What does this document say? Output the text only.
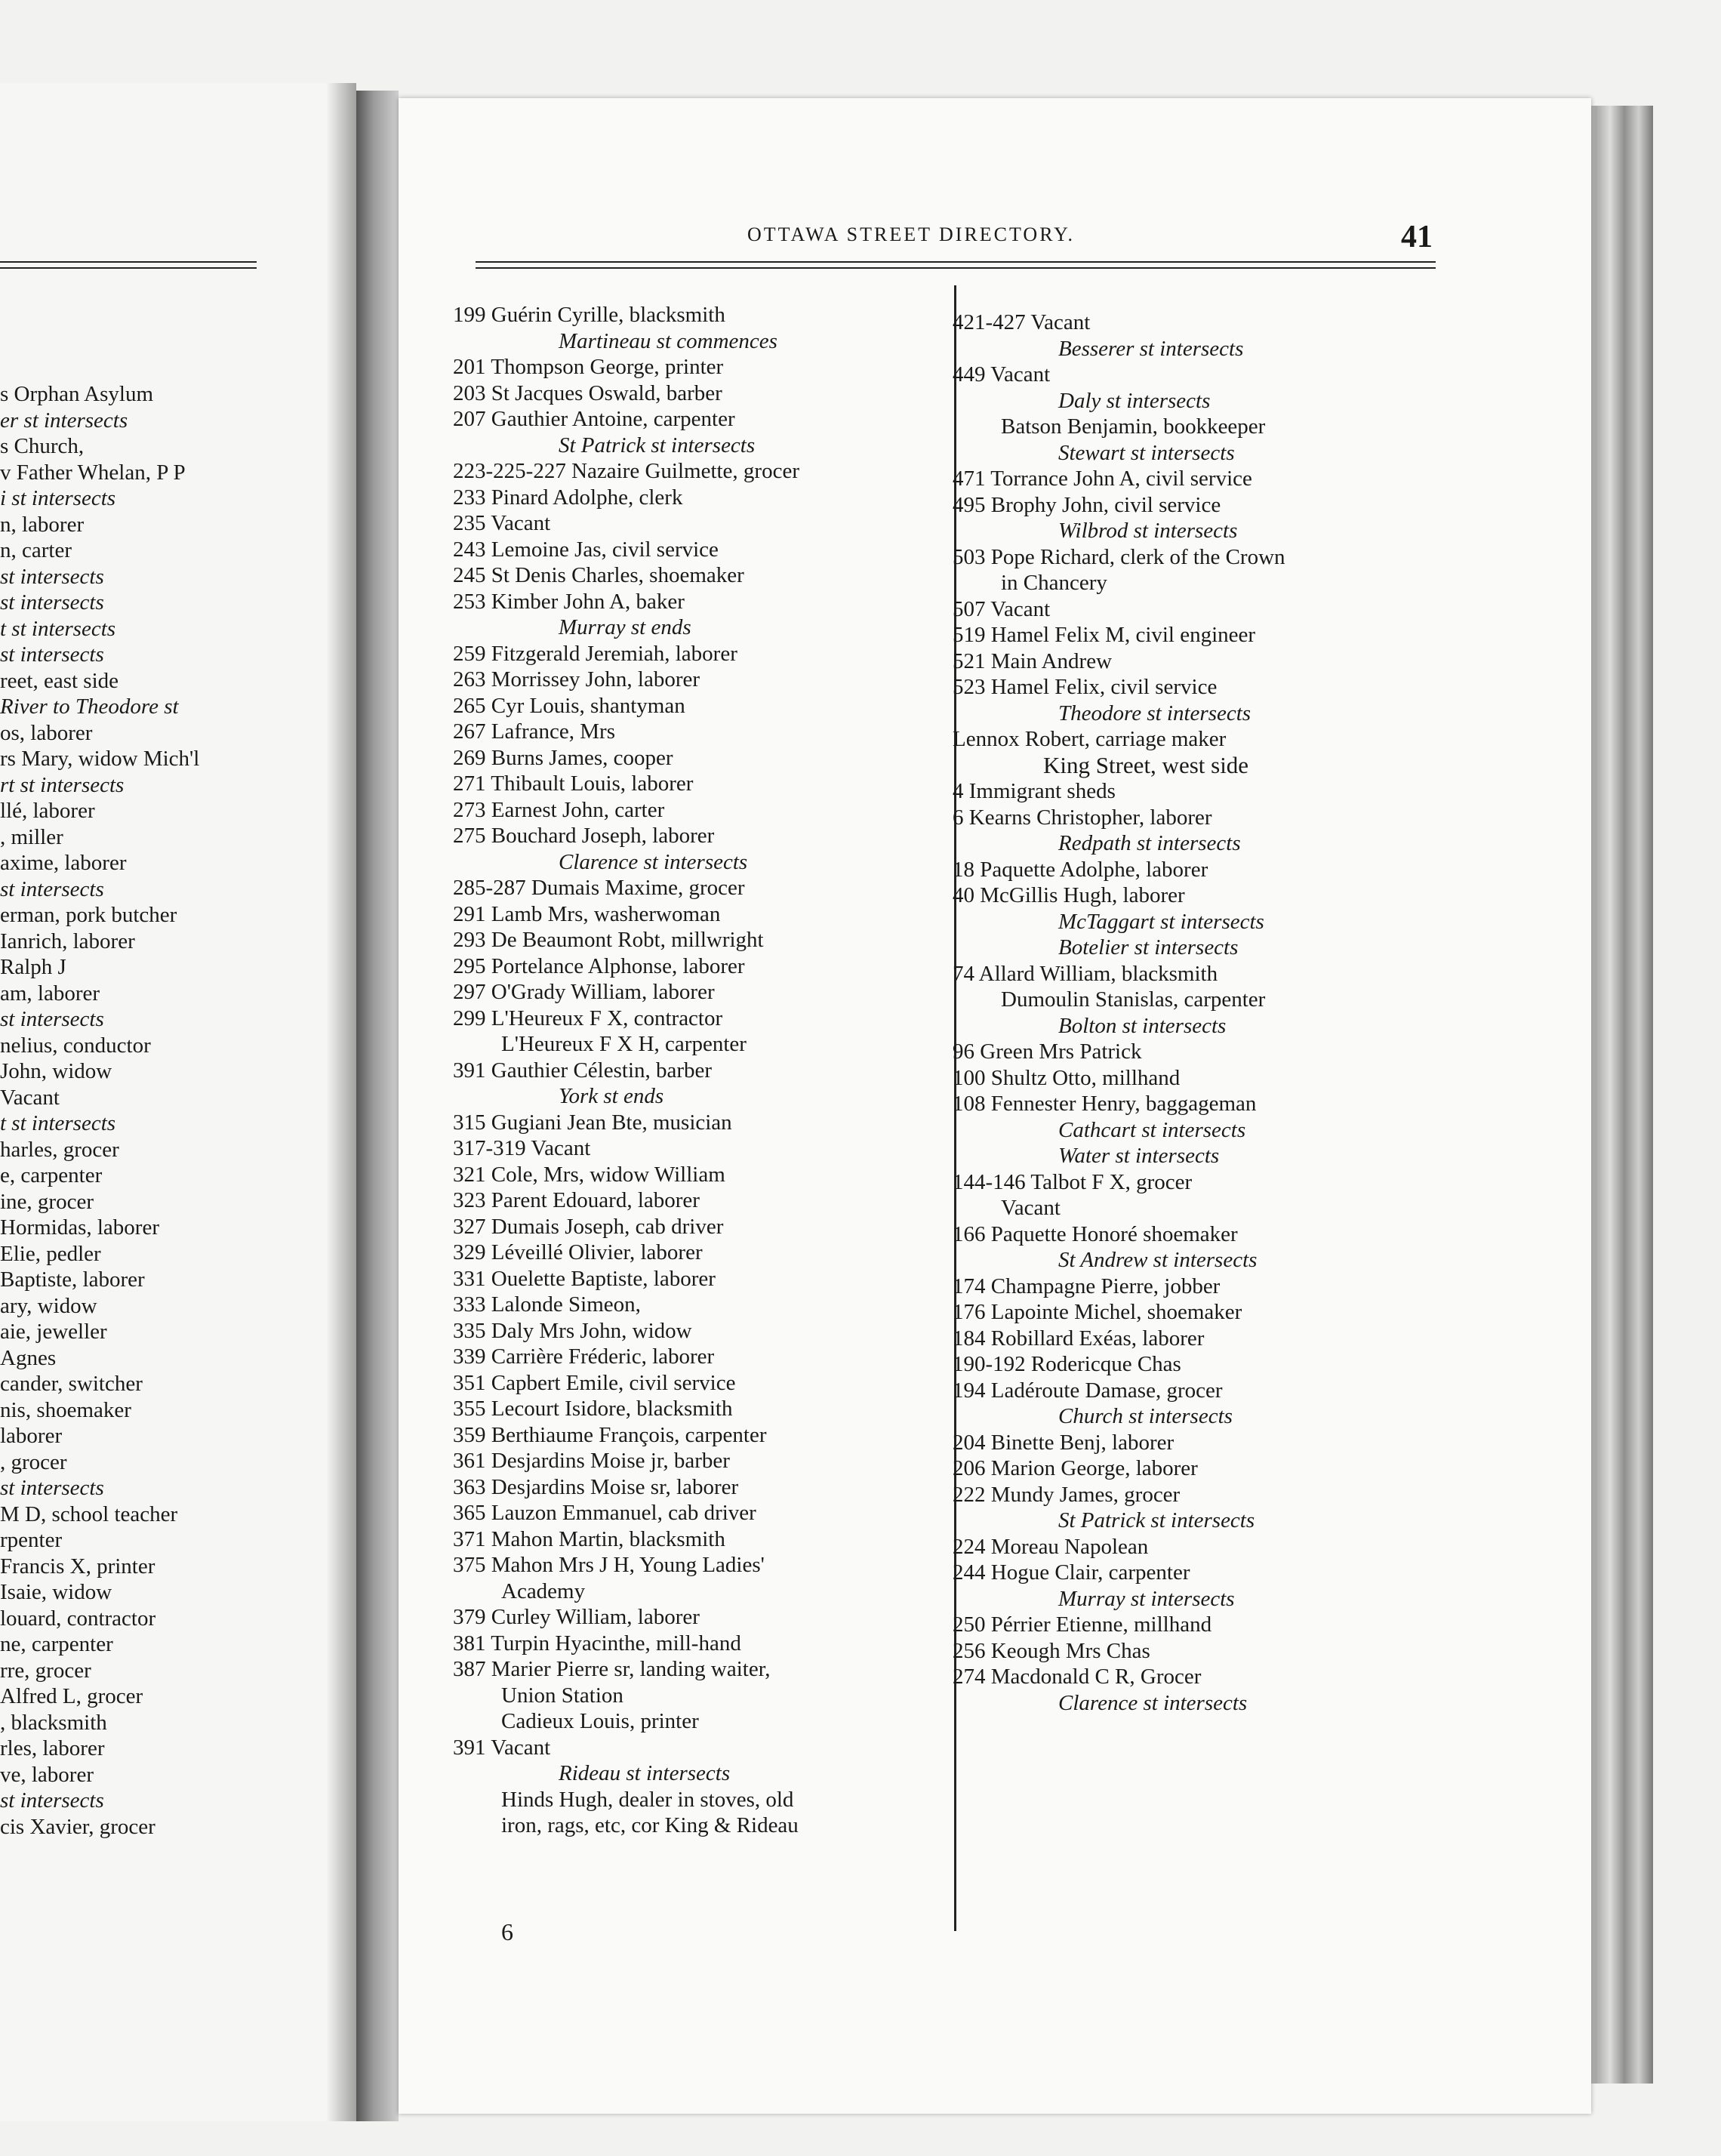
s Orphan Asylum
er st intersects
s Church,
v Father Whelan, P P
i st intersects
n, laborer
n, carter
st intersects
st intersects
t st intersects
st intersects
reet, east side
River to Theodore st
os, laborer
rs Mary, widow Mich'l
rt st intersects
llé, laborer
, miller
axime, laborer
st intersects
erman, pork butcher
Ianrich, laborer
Ralph J
am, laborer
st intersects
nelius, conductor
John, widow
Vacant
t st intersects
harles, grocer
e, carpenter
ine, grocer
Hormidas, laborer
Elie, pedler
Baptiste, laborer
ary, widow
aie, jeweller
Agnes
cander, switcher
nis, shoemaker
laborer
, grocer
st intersects
M D, school teacher
rpenter
Francis X, printer
Isaie, widow
louard, contractor
ne, carpenter
rre, grocer
Alfred L, grocer
, blacksmith
rles, laborer
ve, laborer
st intersects
cis Xavier, grocer
OTTAWA STREET DIRECTORY.	41
199 Guérin Cyrille, blacksmith
Martineau st commences
201 Thompson George, printer
203 St Jacques Oswald, barber
207 Gauthier Antoine, carpenter
St Patrick st intersects
223-225-227 Nazaire Guilmette, grocer
233 Pinard Adolphe, clerk
235 Vacant
243 Lemoine Jas, civil service
245 St Denis Charles, shoemaker
253 Kimber John A, baker
Murray st ends
259 Fitzgerald Jeremiah, laborer
263 Morrissey John, laborer
265 Cyr Louis, shantyman
267 Lafrance, Mrs
269 Burns James, cooper
271 Thibault Louis, laborer
273 Earnest John, carter
275 Bouchard Joseph, laborer
Clarence st intersects
285-287 Dumais Maxime, grocer
291 Lamb Mrs, washerwoman
293 De Beaumont Robt, millwright
295 Portelance Alphonse, laborer
297 O'Grady William, laborer
299 L'Heureux F X, contractor
L'Heureux F X H, carpenter
391 Gauthier Célestin, barber
York st ends
315 Gugiani Jean Bte, musician
317-319 Vacant
321 Cole, Mrs, widow William
323 Parent Edouard, laborer
327 Dumais Joseph, cab driver
329 Léveillé Olivier, laborer
331 Ouelette Baptiste, laborer
333 Lalonde Simeon,
335 Daly Mrs John, widow
339 Carrière Fréderic, laborer
351 Capbert Emile, civil service
355 Lecourt Isidore, blacksmith
359 Berthiaume François, carpenter
361 Desjardins Moise jr, barber
363 Desjardins Moise sr, laborer
365 Lauzon Emmanuel, cab driver
371 Mahon Martin, blacksmith
375 Mahon Mrs J H, Young Ladies'
Academy
379 Curley William, laborer
381 Turpin Hyacinthe, mill-hand
387 Marier Pierre sr, landing waiter,
Union Station
Cadieux Louis, printer
391 Vacant
Rideau st intersects
Hinds Hugh, dealer in stoves, old
iron, rags, etc, cor King & Rideau
421-427 Vacant
Besserer st intersects
449 Vacant
Daly st intersects
Batson Benjamin, bookkeeper
Stewart st intersects
471 Torrance John A, civil service
495 Brophy John, civil service
Wilbrod st intersects
503 Pope Richard, clerk of the Crown
in Chancery
507 Vacant
519 Hamel Felix M, civil engineer
521 Main Andrew
523 Hamel Felix, civil service
Theodore st intersects
Lennox Robert, carriage maker
King Street, west side
4 Immigrant sheds
6 Kearns Christopher, laborer
Redpath st intersects
18 Paquette Adolphe, laborer
40 McGillis Hugh, laborer
McTaggart st intersects
Botelier st intersects
74 Allard William, blacksmith
Dumoulin Stanislas, carpenter
Bolton st intersects
96 Green Mrs Patrick
100 Shultz Otto, millhand
108 Fennester Henry, baggageman
Cathcart st intersects
Water st intersects
144-146 Talbot F X, grocer
Vacant
166 Paquette Honoré shoemaker
St Andrew st intersects
174 Champagne Pierre, jobber
176 Lapointe Michel, shoemaker
184 Robillard Exéas, laborer
190-192 Rodericque Chas
194 Ladéroute Damase, grocer
Church st intersects
204 Binette Benj, laborer
206 Marion George, laborer
222 Mundy James, grocer
St Patrick st intersects
224 Moreau Napolean
244 Hogue Clair, carpenter
Murray st intersects
250 Pérrier Etienne, millhand
256 Keough Mrs Chas
274 Macdonald C R, Grocer
Clarence st intersects
6
